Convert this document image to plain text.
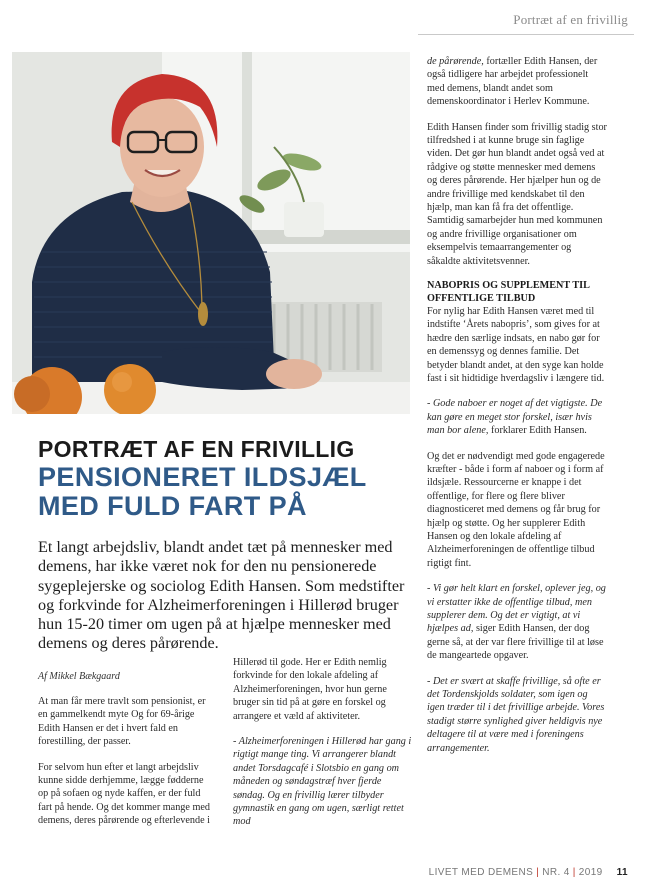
Portræt af en frivillig
PORTRÆT AF EN FRIVILLIG
PENSIONERET ILDSJÆL MED FULD FART PÅ
Et langt arbejdsliv, blandt andet tæt på mennesker med demens, har ikke været nok for den nu pensionerede sygeplejerske og sociolog Edith Hansen. Som medstifter og forkvinde for Alzheimerforeningen i Hillerød bruger hun 15-20 timer om ugen på at hjælpe mennesker med demens og deres pårørende.
Af Mikkel Bækgaard

At man får mere travlt som pensionist, er en gammelkendt myte Og for 69-årige Edith Hansen er det i hvert fald en forestilling, der passer.

For selvom hun efter et langt arbejdsliv kunne sidde derhjemme, lægge fødderne op på sofaen og nyde kaffen, er der fuld fart på hende. Og det kommer mange med demens, deres pårørende og efterlevende i

Hillerød til gode. Her er Edith nemlig forkvinde for den lokale afdeling af Alzheimerforeningen, hvor hun gerne bruger sin tid på at gøre en forskel og arrangere et væld af aktiviteter.

- Alzheimerforeningen i Hillerød har gang i rigtigt mange ting. Vi arrangerer blandt andet Torsdagcafé i Slotsbio en gang om måneden og søndagstræf hver fjerde søndag. Og en frivillig lærer tilbyder gymnastik en gang om ugen, særligt rettet mod

de pårørende, fortæller Edith Hansen, der også tidligere har arbejdet professionelt med demens, blandt andet som demenskoordinator i Herlev Kommune.

Edith Hansen finder som frivillig stadig stor tilfredshed i at kunne bruge sin faglige viden. Det gør hun blandt andet også ved at rådgive og støtte mennesker med demens og deres pårørende. Her hjælper hun og de andre frivillige med kendskabet til den hjælp, man kan få fra det offentlige. Samtidig samarbejder hun med kommunen og andre frivillige organisationer om eksempelvis temaarrangementer og såkaldte aktivitetsvenner.

NABOPRIS OG SUPPLEMENT TIL OFFENTLIGE TILBUD

For nylig har Edith Hansen været med til indstifte ‘Årets nabopris’, som gives for at hædre den særlige indsats, en nabo gør for en demenssyg og dennes familie. Det betyder blandt andet, at den syge kan holde fast i sit hidtidige hverdagsliv i længere tid.

- Gode naboer er noget af det vigtigste. De kan gøre en meget stor forskel, især hvis man bor alene, forklarer Edith Hansen.

Og det er nødvendigt med gode engagerede kræfter - både i form af naboer og i form af ildsjæle. Ressourcerne er knappe i det offentlige, for flere og flere bliver diagnosticeret med demens og får brug for hjælp og støtte. Og her supplerer Edith Hansen og den lokale afdeling af Alzheimerforeningen de offentlige tilbud rigtigt fint.

- Vi gør helt klart en forskel, oplever jeg, og vi erstatter ikke de offentlige tilbud, men supplerer dem. Og det er vigtigt, at vi hjælpes ad, siger Edith Hansen, der dog gerne så, at der var flere frivillige til at løse de mangeartede opgaver.

- Det er svært at skaffe frivillige, så ofte er det Tordenskjolds soldater, som igen og igen træder til i det frivillige arbejde. Vores stadigt større synlighed giver heldigvis nye deltagere til at være med i foreningens arrangementer.

LIVET MED DEMENS | NR. 4 | 2019 11
